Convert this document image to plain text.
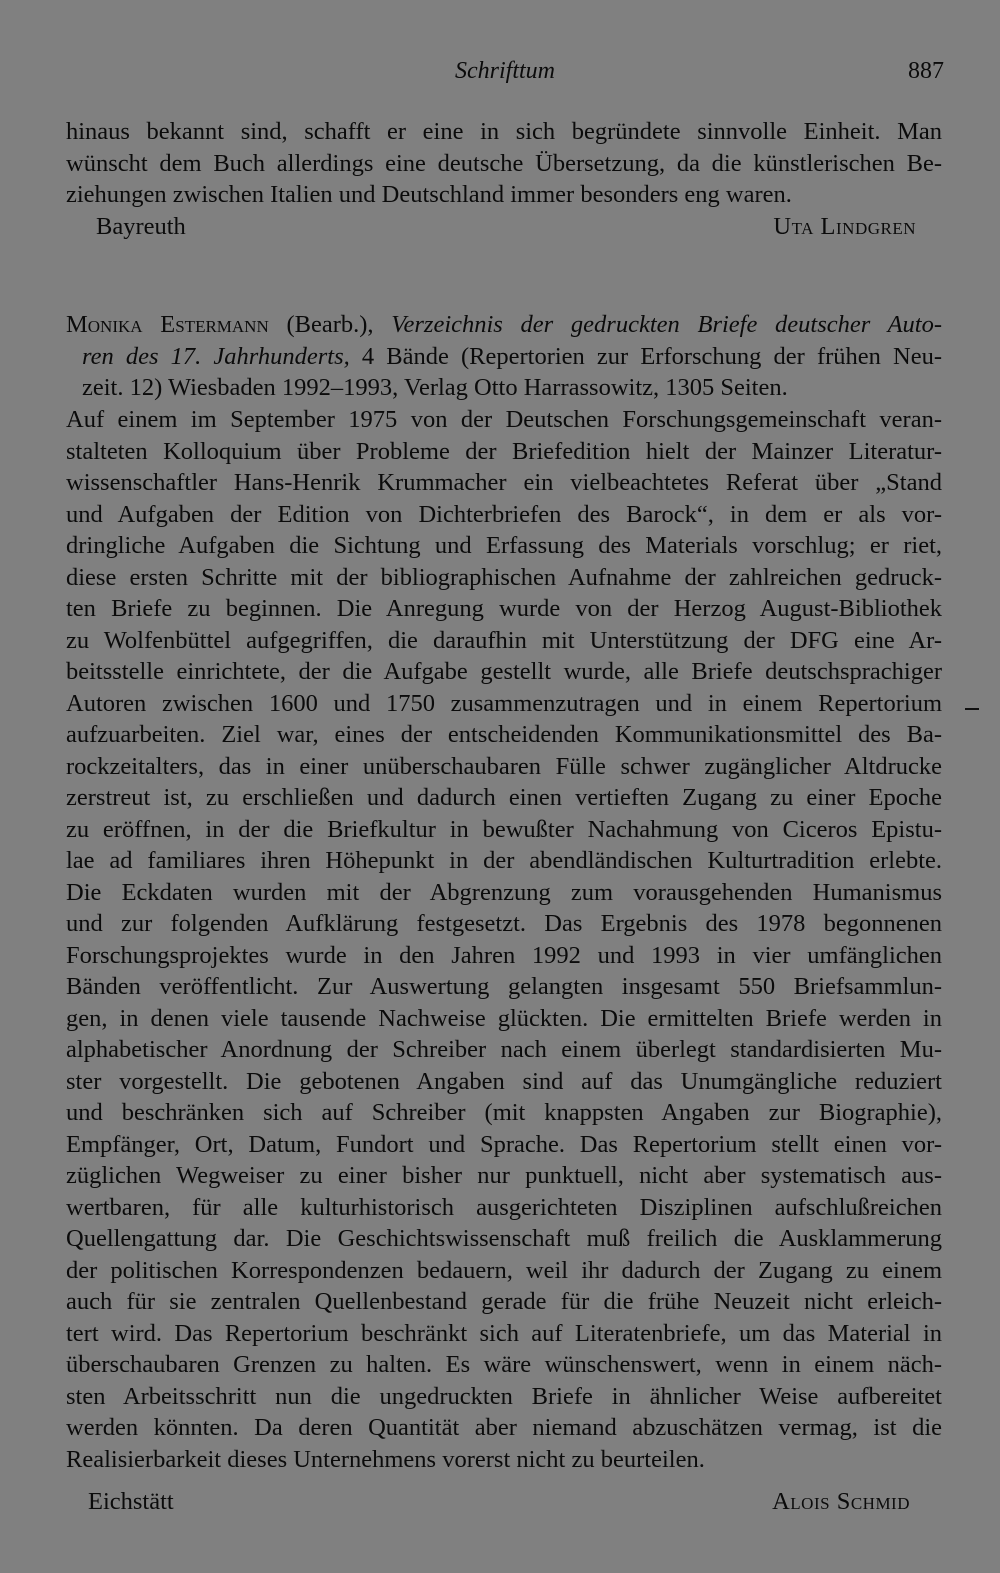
Schrifttum	887
hinaus bekannt sind, schafft er eine in sich begründete sinnvolle Einheit. Man
wünscht dem Buch allerdings eine deutsche Übersetzung, da die künstlerischen Be-
ziehungen zwischen Italien und Deutschland immer besonders eng waren.
Bayreuth	Uta Lindgren
Monika Estermann (Bearb.), Verzeichnis der gedruckten Briefe deutscher Auto-
ren des 17. Jahrhunderts, 4 Bände (Repertorien zur Erforschung der frühen Neu-
zeit. 12) Wiesbaden 1992–1993, Verlag Otto Harrassowitz, 1305 Seiten.
Auf einem im September 1975 von der Deutschen Forschungsgemeinschaft veran-
stalteten Kolloquium über Probleme der Briefedition hielt der Mainzer Literatur-
wissenschaftler Hans-Henrik Krummacher ein vielbeachtetes Referat über „Stand
und Aufgaben der Edition von Dichterbriefen des Barock“, in dem er als vor-
dringliche Aufgaben die Sichtung und Erfassung des Materials vorschlug; er riet,
diese ersten Schritte mit der bibliographischen Aufnahme der zahlreichen gedruck-
ten Briefe zu beginnen. Die Anregung wurde von der Herzog August-Bibliothek
zu Wolfenbüttel aufgegriffen, die daraufhin mit Unterstützung der DFG eine Ar-
beitsstelle einrichtete, der die Aufgabe gestellt wurde, alle Briefe deutschsprachiger
Autoren zwischen 1600 und 1750 zusammenzutragen und in einem Repertorium
aufzuarbeiten. Ziel war, eines der entscheidenden Kommunikationsmittel des Ba-
rockzeitalters, das in einer unüberschaubaren Fülle schwer zugänglicher Altdrucke
zerstreut ist, zu erschließen und dadurch einen vertieften Zugang zu einer Epoche
zu eröffnen, in der die Briefkultur in bewußter Nachahmung von Ciceros Epistu-
lae ad familiares ihren Höhepunkt in der abendländischen Kulturtradition erlebte.
Die Eckdaten wurden mit der Abgrenzung zum vorausgehenden Humanismus
und zur folgenden Aufklärung festgesetzt. Das Ergebnis des 1978 begonnenen
Forschungsprojektes wurde in den Jahren 1992 und 1993 in vier umfänglichen
Bänden veröffentlicht. Zur Auswertung gelangten insgesamt 550 Briefsammlun-
gen, in denen viele tausende Nachweise glückten. Die ermittelten Briefe werden in
alphabetischer Anordnung der Schreiber nach einem überlegt standardisierten Mu-
ster vorgestellt. Die gebotenen Angaben sind auf das Unumgängliche reduziert
und beschränken sich auf Schreiber (mit knappsten Angaben zur Biographie),
Empfänger, Ort, Datum, Fundort und Sprache. Das Repertorium stellt einen vor-
züglichen Wegweiser zu einer bisher nur punktuell, nicht aber systematisch aus-
wertbaren, für alle kulturhistorisch ausgerichteten Disziplinen aufschlußreichen
Quellengattung dar. Die Geschichtswissenschaft muß freilich die Ausklammerung
der politischen Korrespondenzen bedauern, weil ihr dadurch der Zugang zu einem
auch für sie zentralen Quellenbestand gerade für die frühe Neuzeit nicht erleich-
tert wird. Das Repertorium beschränkt sich auf Literatenbriefe, um das Material in
überschaubaren Grenzen zu halten. Es wäre wünschenswert, wenn in einem näch-
sten Arbeitsschritt nun die ungedruckten Briefe in ähnlicher Weise aufbereitet
werden könnten. Da deren Quantität aber niemand abzuschätzen vermag, ist die
Realisierbarkeit dieses Unternehmens vorerst nicht zu beurteilen.
Eichstätt	Alois Schmid
